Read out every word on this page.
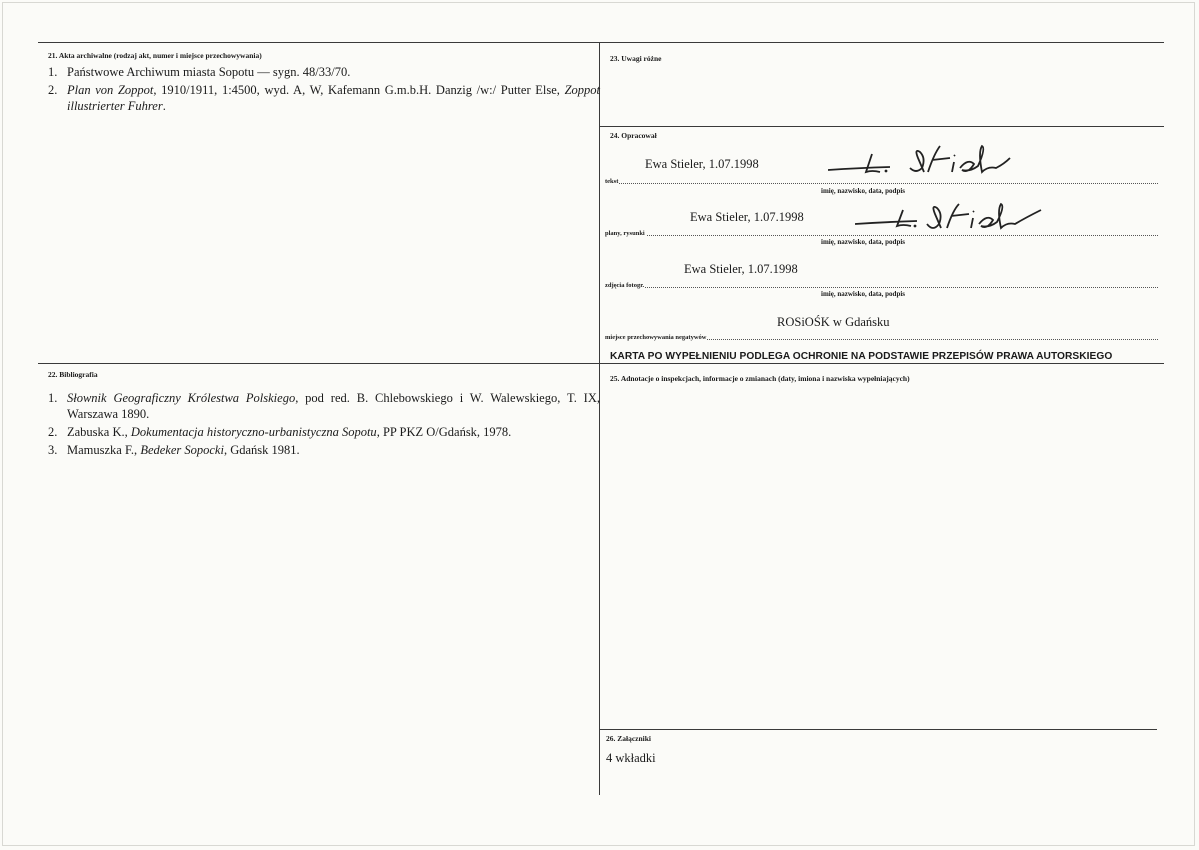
21. Akta archiwalne (rodzaj akt, numer i miejsce przechowywania)
1. Państwowe Archiwum miasta Sopotu — sygn. 48/33/70.
2. Plan von Zoppot, 1910/1911, 1:4500, wyd. A, W, Kafemann G.m.b.H. Danzig /w:/ Putter Else, Zoppot illustrierter Fuhrer.
22. Bibliografia
1. Słownik Geograficzny Królestwa Polskiego, pod red. B. Chlebowskiego i W. Walewskiego, T. IX, Warszawa 1890.
2. Zabuska K., Dokumentacja historyczno-urbanistyczna Sopotu, PP PKZ O/Gdańsk, 1978.
3. Mamuszka F., Bedeker Sopocki, Gdańsk 1981.
23. Uwagi różne
24. Opracował
Ewa Stieler, 1.07.1998
tekst
imię, nazwisko, data, podpis
Ewa Stieler, 1.07.1998
plany, rysunki
imię, nazwisko, data, podpis
Ewa Stieler, 1.07.1998
zdjęcia fotogr.
imię, nazwisko, data, podpis
ROSiOŚK w Gdańsku
miejsce przechowywania negatywów
KARTA PO WYPEŁNIENIU PODLEGA OCHRONIE NA PODSTAWIE PRZEPISÓW PRAWA AUTORSKIEGO
25. Adnotacje o inspekcjach, informacje o zmianach (daty, imiona i nazwiska wypełniających)
26. Załączniki
4 wkładki
